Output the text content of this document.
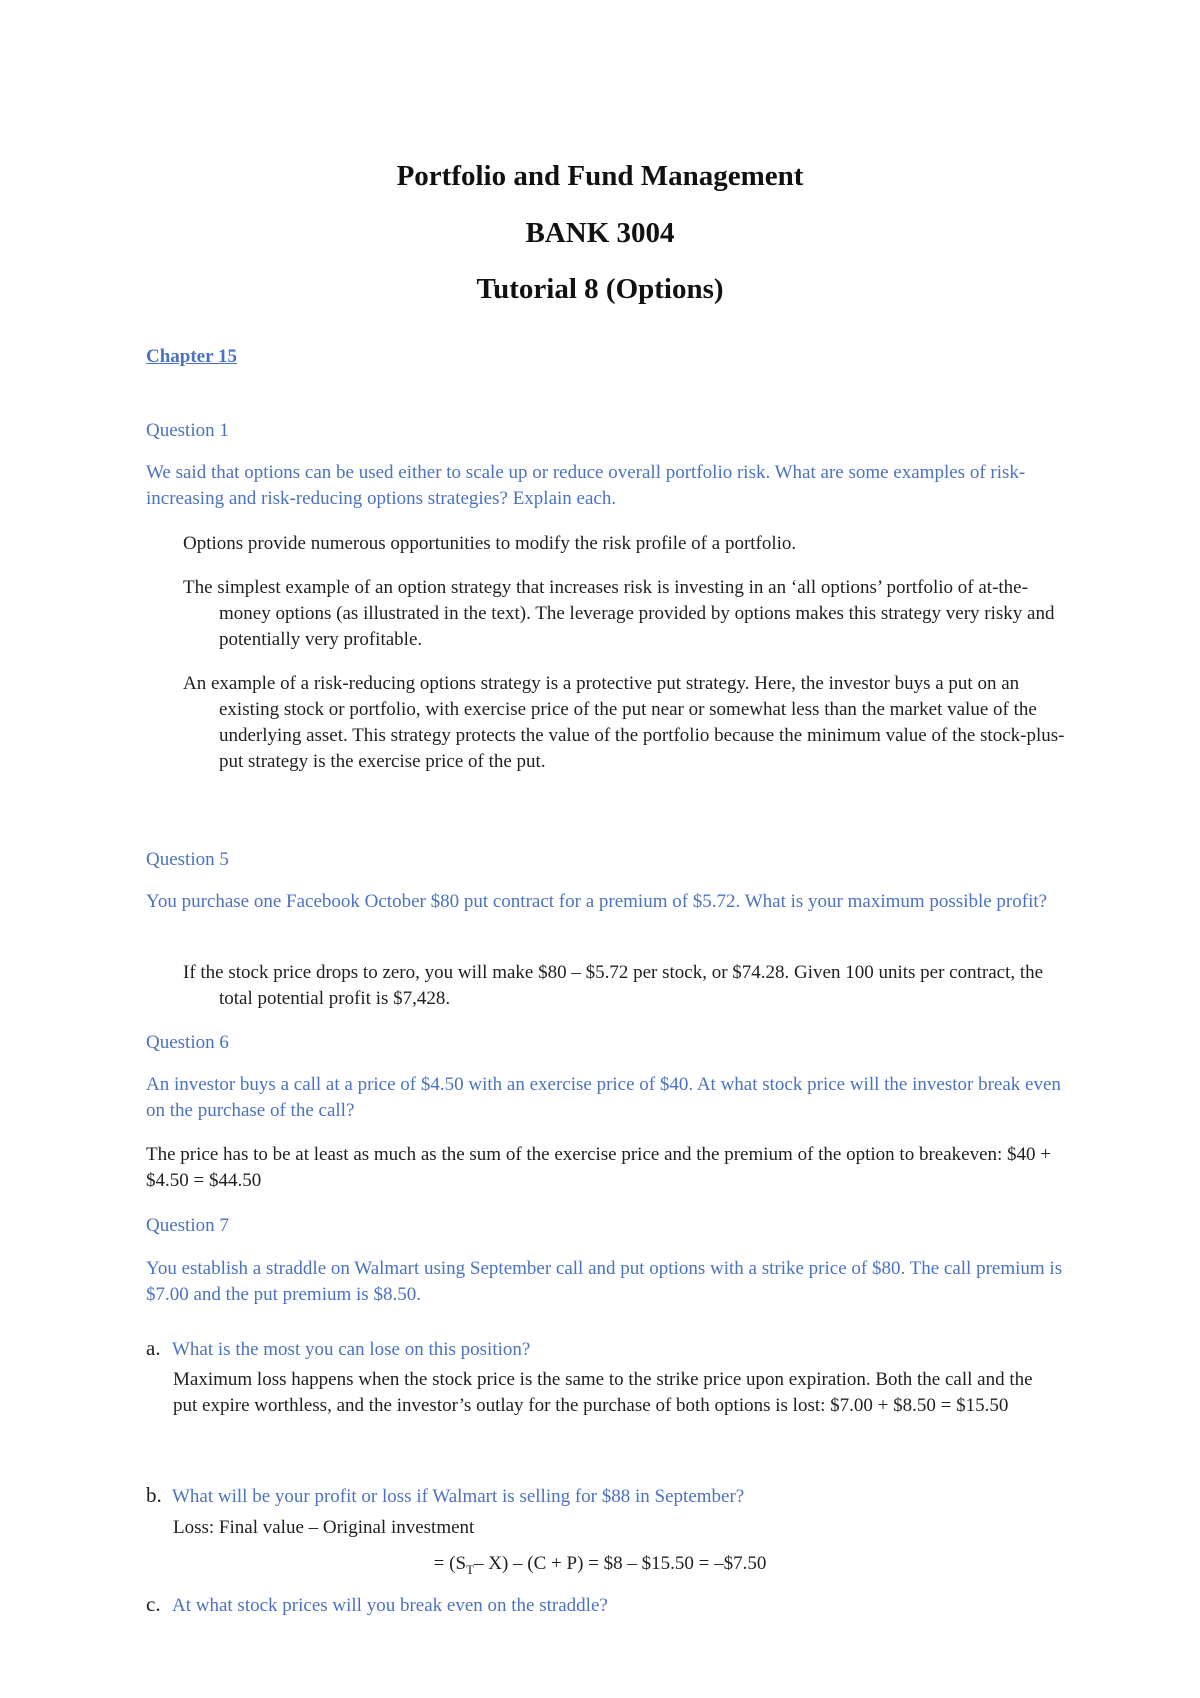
Portfolio and Fund Management
BANK 3004
Tutorial 8 (Options)
Chapter 15
Question 1
We said that options can be used either to scale up or reduce overall portfolio risk. What are some examples of risk-increasing and risk-reducing options strategies? Explain each.
Options provide numerous opportunities to modify the risk profile of a portfolio.
The simplest example of an option strategy that increases risk is investing in an ‘all options’ portfolio of at-the-money options (as illustrated in the text). The leverage provided by options makes this strategy very risky and potentially very profitable.
An example of a risk-reducing options strategy is a protective put strategy. Here, the investor buys a put on an existing stock or portfolio, with exercise price of the put near or somewhat less than the market value of the underlying asset. This strategy protects the value of the portfolio because the minimum value of the stock-plus-put strategy is the exercise price of the put.
Question 5
You purchase one Facebook October $80 put contract for a premium of $5.72. What is your maximum possible profit?
If the stock price drops to zero, you will make $80 – $5.72 per stock, or $74.28. Given 100 units per contract, the total potential profit is $7,428.
Question 6
An investor buys a call at a price of $4.50 with an exercise price of $40. At what stock price will the investor break even on the purchase of the call?
The price has to be at least as much as the sum of the exercise price and the premium of the option to breakeven: $40 + $4.50 = $44.50
Question 7
You establish a straddle on Walmart using September call and put options with a strike price of $80. The call premium is $7.00 and the put premium is $8.50.
a. What is the most you can lose on this position?
Maximum loss happens when the stock price is the same to the strike price upon expiration. Both the call and the put expire worthless, and the investor’s outlay for the purchase of both options is lost: $7.00 + $8.50 = $15.50
b. What will be your profit or loss if Walmart is selling for $88 in September?
Loss: Final value – Original investment
= ($S_T-$ X) – (C + P) = $8 – $15.50 = –$7.50
c. At what stock prices will you break even on the straddle?
